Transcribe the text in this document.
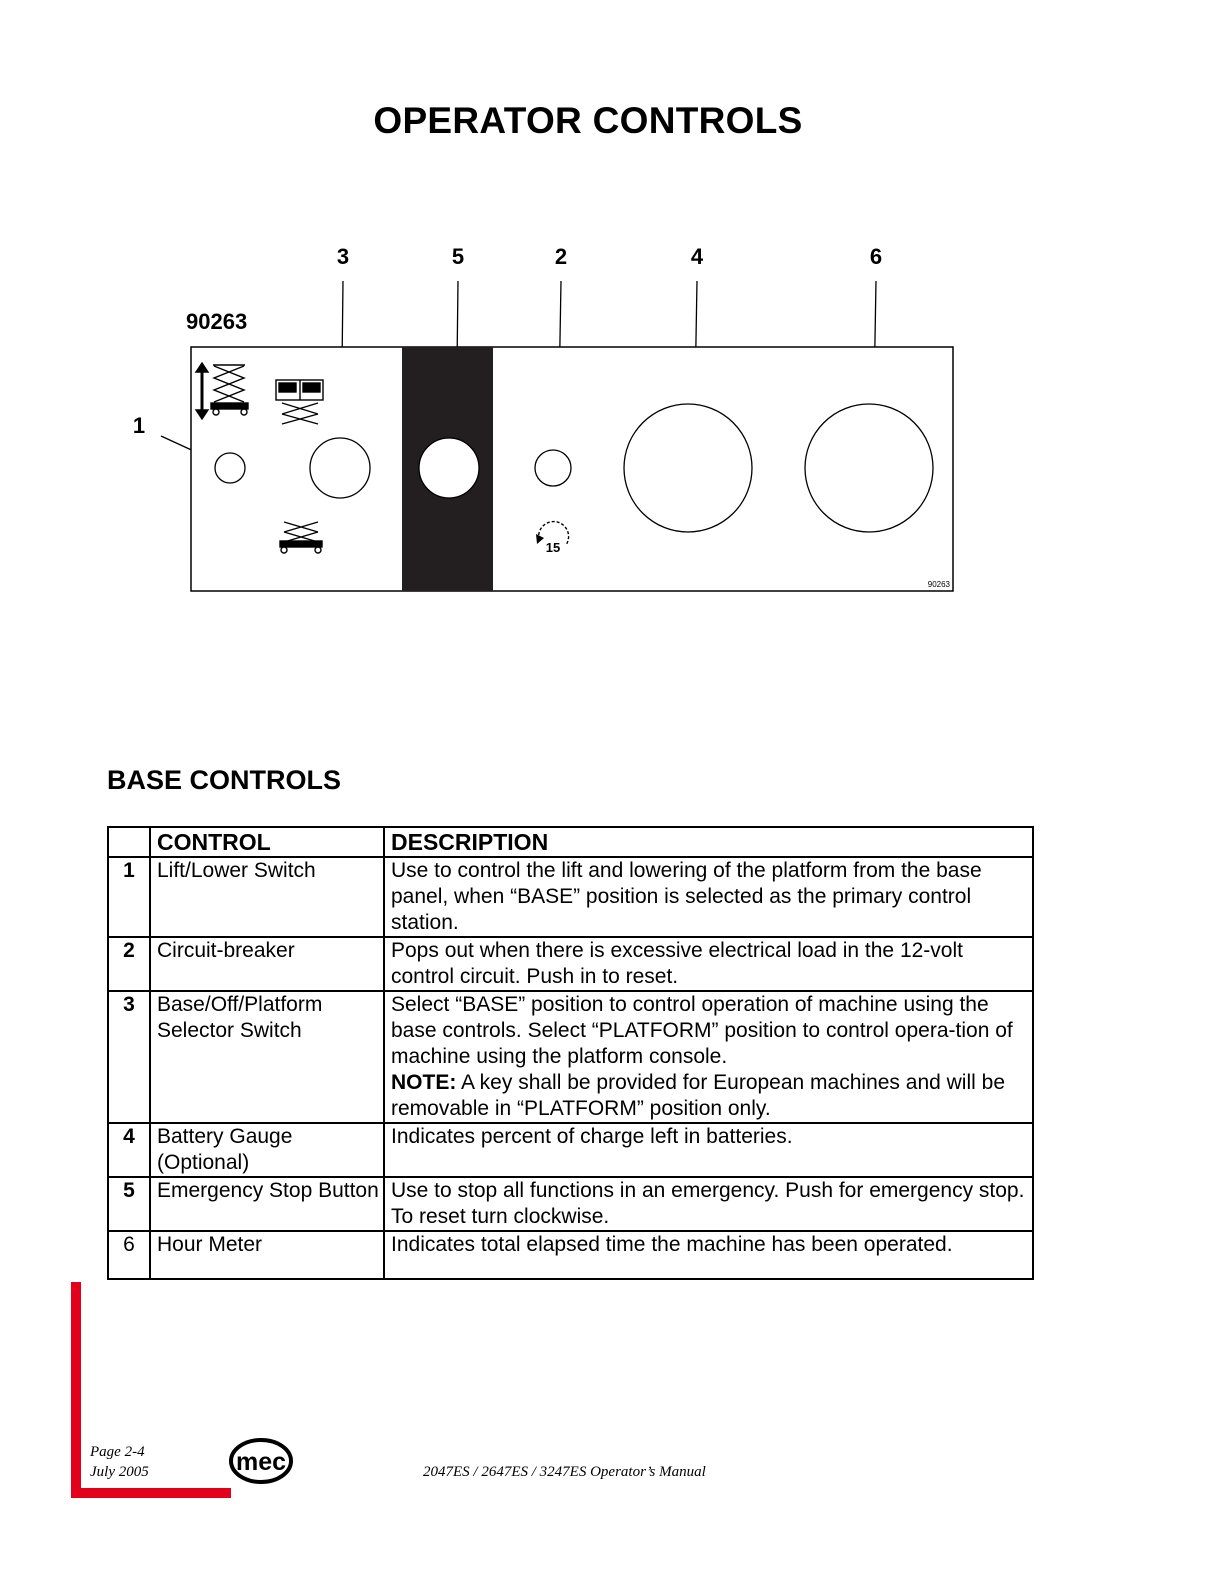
OPERATOR CONTROLS
3	5	2	4	6
1
90263
15
90263
BASE CONTROLS
	CONTROL	DESCRIPTION
1	Lift/Lower Switch	Use to control the lift and lowering of the platform from the base panel, when “BASE” position is selected as the primary control station.
2	Circuit-breaker	Pops out when there is excessive electrical load in the 12-volt control circuit. Push in to reset.
3	Base/Off/Platform Selector Switch	Select “BASE” position to control operation of machine using the base controls. Select “PLATFORM” position to control opera-tion of machine using the platform console.
NOTE: A key shall be provided for European machines and will be removable in “PLATFORM” position only.
4	Battery Gauge (Optional)	Indicates percent of charge left in batteries.
5	Emergency Stop Button	Use to stop all functions in an emergency. Push for emergency stop. To reset turn clockwise.
6	Hour Meter	Indicates total elapsed time the machine has been operated.
Page 2-4
July 2005	2047ES / 2647ES / 3247ES Operator’s Manual
mec
